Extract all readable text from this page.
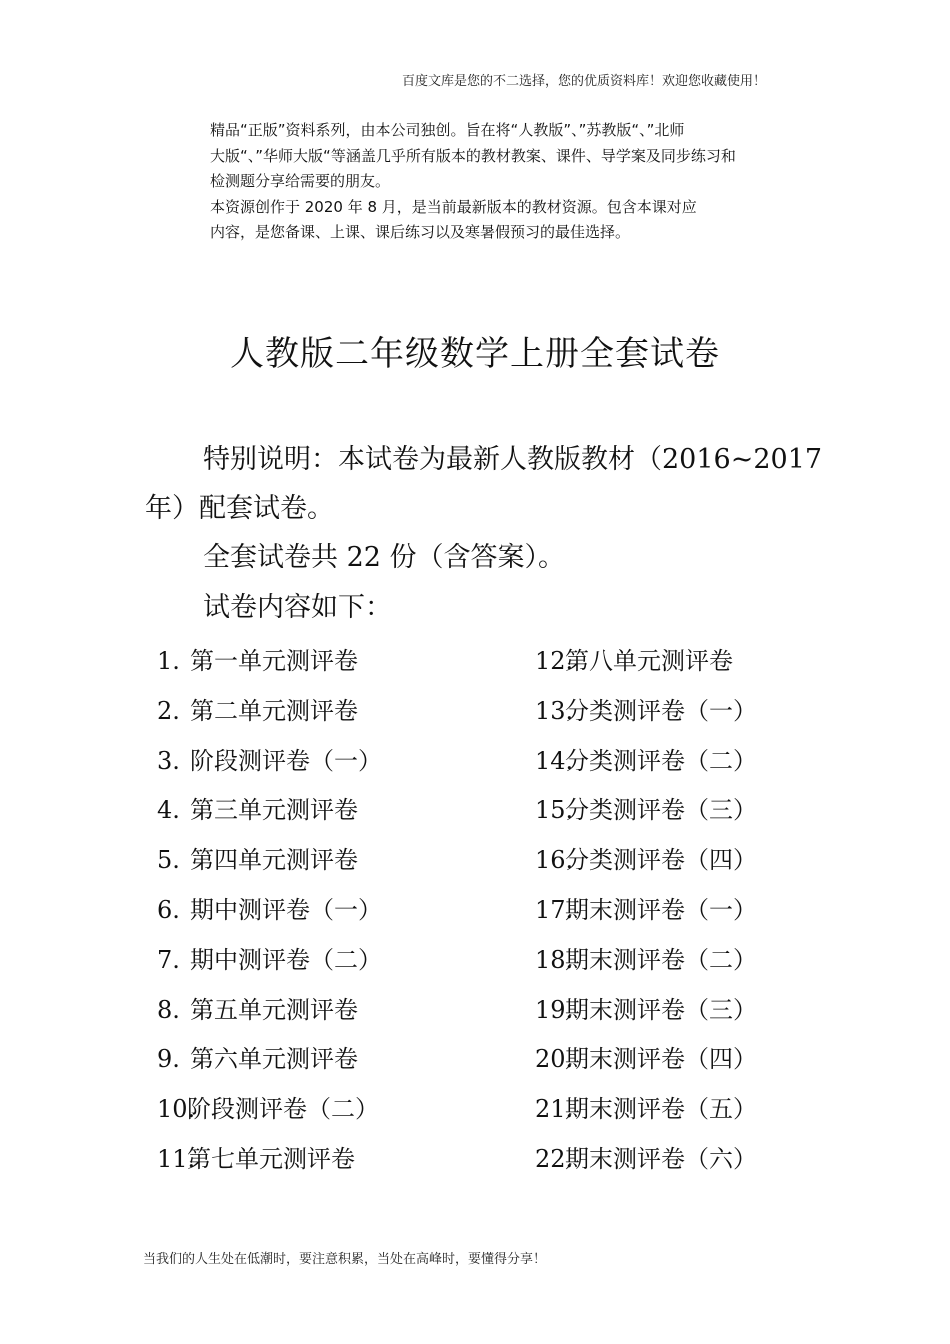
百度文库是您的不二选择，您的优质资料库！欢迎您收藏使用！
精品“正版”资料系列，由本公司独创。旨在将“人教版”、”苏教版“、”北师
大版“、”华师大版“等涵盖几乎所有版本的教材教案、课件、导学案及同步练习和
检测题分享给需要的朋友。
本资源创作于 2020 年 8 月，是当前最新版本的教材资源。包含本课对应
内容，是您备课、上课、课后练习以及寒暑假预习的最佳选择。
人教版二年级数学上册全套试卷
特别说明：本试卷为最新人教版教材（2016~2017
年）配套试卷。
全套试卷共 22 份（含答案）。
试卷内容如下：
1. 第一单元测评卷
2. 第二单元测评卷
3. 阶段测评卷（一）
4. 第三单元测评卷
5. 第四单元测评卷
6. 期中测评卷（一）
7. 期中测评卷（二）
8. 第五单元测评卷
9. 第六单元测评卷
10.
阶段测评卷（二）
11.
第七单元测评卷
12.
第八单元测评卷
13.
分类测评卷（一）
14.
分类测评卷（二）
15.
分类测评卷（三）
16.
分类测评卷（四）
17.
期末测评卷（一）
18.
期末测评卷（二）
19.
期末测评卷（三）
20.
期末测评卷（四）
21.
期末测评卷（五）
22.
期末测评卷（六）
当我们的人生处在低潮时，要注意积累，当处在高峰时，要懂得分享！
